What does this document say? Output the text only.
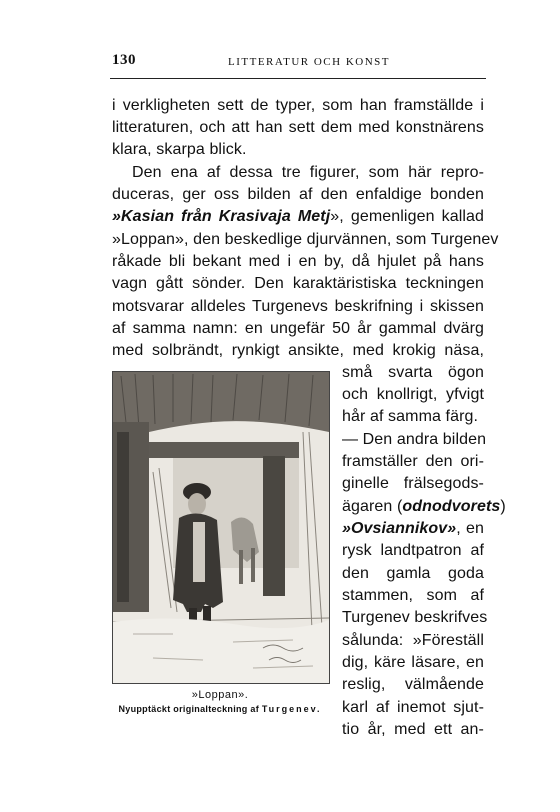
130	LITTERATUR OCH KONST
i verkligheten sett de typer, som han framställde i
litteraturen, och att han sett dem med konstnärens
klara, skarpa blick.
Den ena af dessa tre figurer, som här repro-
duceras, ger oss bilden af den enfaldige bonden
»Kasian från Krasivaja Metj», gemenligen kallad
»Loppan», den beskedlige djurvännen, som Turgenev
råkade bli bekant med i en by, då hjulet på hans
vagn gått sönder. Den karaktäristiska teckningen
motsvarar alldeles Turgenevs beskrifning i skissen
af samma namn: en ungefär 50 år gammal dvärg
med solbrändt, rynkigt ansikte, med krokig näsa,
små svarta ögon
och knollrigt, yfvigt
hår af samma färg.
— Den andra bilden
framställer den ori-
ginelle frälsegods-
ägaren (odnodvorets)
»Ovsiannikov», en
rysk landtpatron af
den gamla goda
stammen, som af
Turgenev beskrifves
sålunda: »Föreställ
dig, käre läsare, en
reslig, välmående
karl af inemot sjut-
tio år, med ett an-
»Loppan».
Nyupptäckt originalteckning af Turgenev.
